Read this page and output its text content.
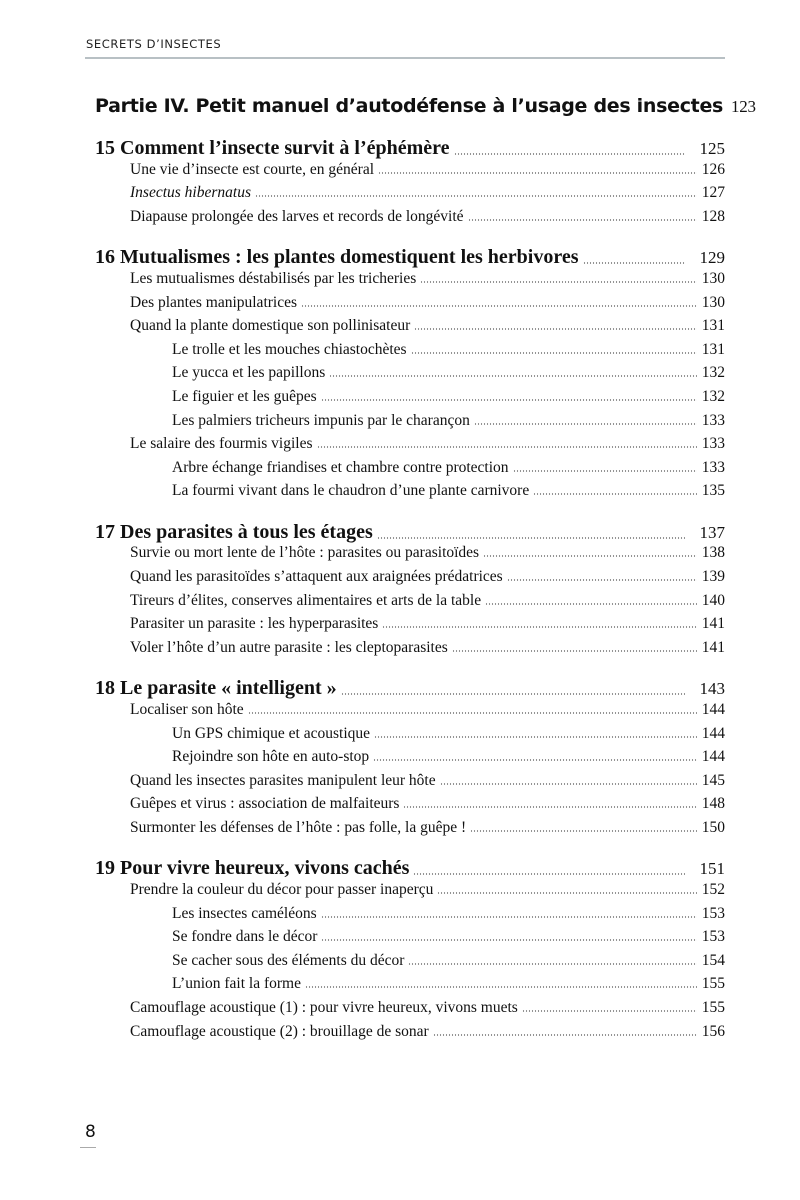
SECRETS D’INSECTES
Partie IV. Petit manuel d’autodéfense à l’usage des insectes 123
15 Comment l’insecte survit à l’éphémère	125
Une vie d’insecte est courte, en général	126
Insectus hibernatus	127
Diapause prolongée des larves et records de longévité	128
16 Mutualismes : les plantes domestiquent les herbivores	129
Les mutualismes déstabilisés par les tricheries	130
Des plantes manipulatrices	130
Quand la plante domestique son pollinisateur	131
Le trolle et les mouches chiastochètes	131
Le yucca et les papillons	132
Le figuier et les guêpes	132
Les palmiers tricheurs impunis par le charançon	133
Le salaire des fourmis vigiles	133
Arbre échange friandises et chambre contre protection	133
La fourmi vivant dans le chaudron d’une plante carnivore	135
17 Des parasites à tous les étages	137
Survie ou mort lente de l’hôte : parasites ou parasitoïdes	138
Quand les parasitoïdes s’attaquent aux araignées prédatrices	139
Tireurs d’élites, conserves alimentaires et arts de la table	140
Parasiter un parasite : les hyperparasites	141
Voler l’hôte d’un autre parasite : les cleptoparasites	141
18 Le parasite « intelligent »	143
Localiser son hôte	144
Un GPS chimique et acoustique	144
Rejoindre son hôte en auto-stop	144
Quand les insectes parasites manipulent leur hôte	145
Guêpes et virus : association de malfaiteurs	148
Surmonter les défenses de l’hôte : pas folle, la guêpe !	150
19 Pour vivre heureux, vivons cachés	151
Prendre la couleur du décor pour passer inaperçu	152
Les insectes caméléons	153
Se fondre dans le décor	153
Se cacher sous des éléments du décor	154
L’union fait la forme	155
Camouflage acoustique (1) : pour vivre heureux, vivons muets	155
Camouflage acoustique (2) : brouillage de sonar	156
8
